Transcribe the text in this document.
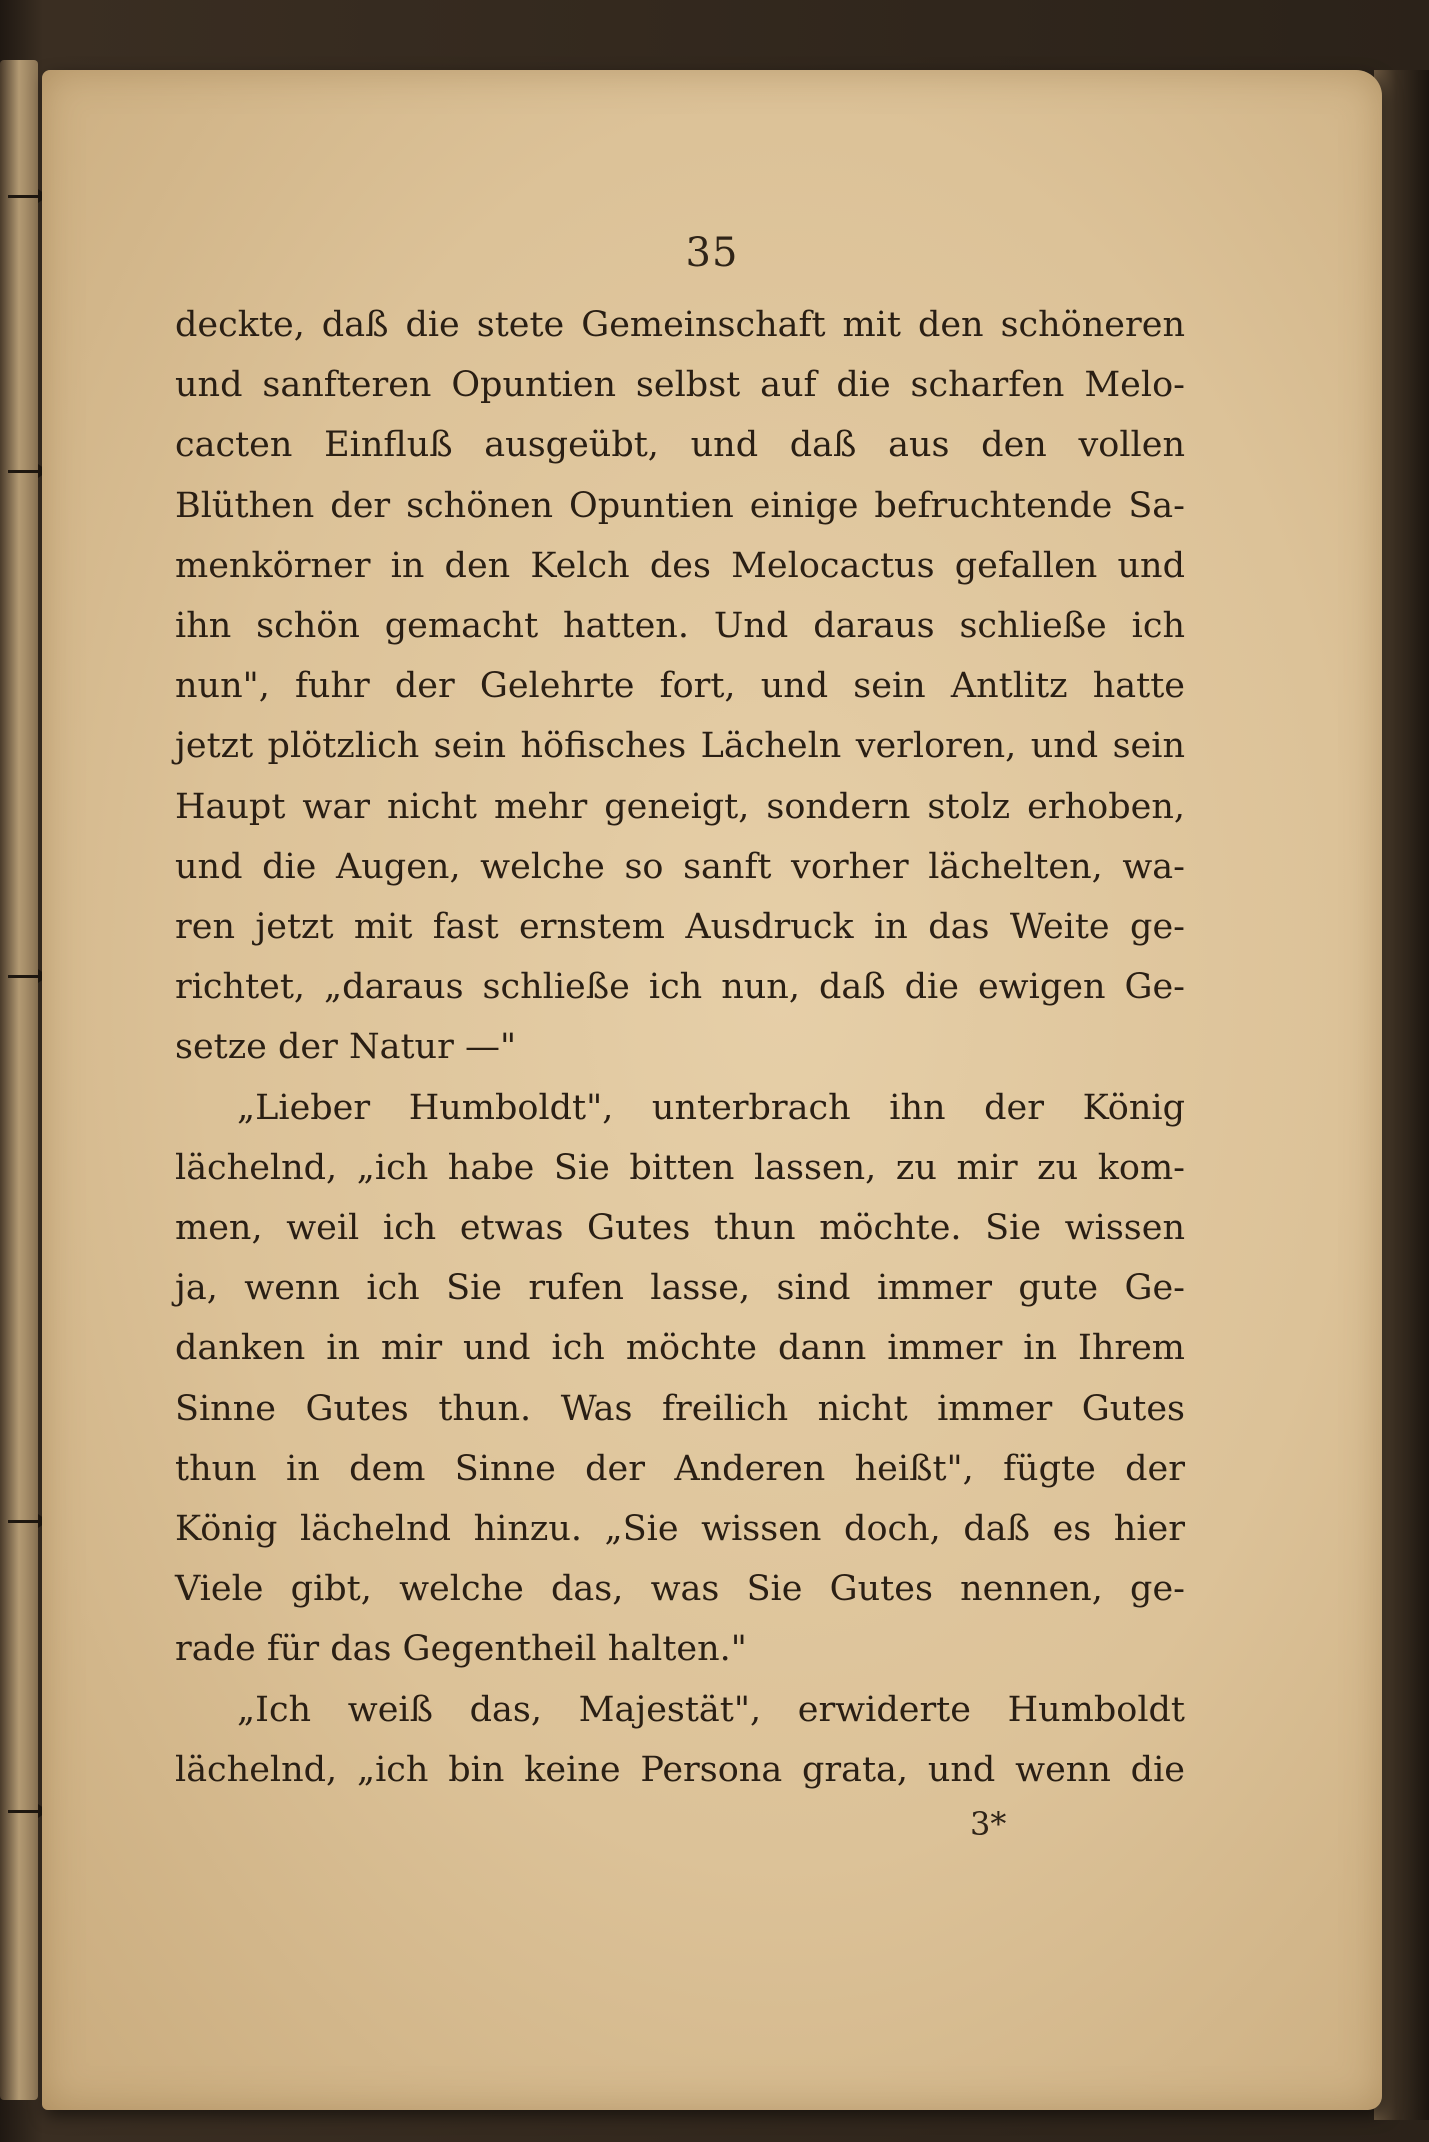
35
deckte, daß die stete Gemeinschaft mit den schöneren
und sanfteren Opuntien selbst auf die scharfen Melo-
cacten Einfluß ausgeübt, und daß aus den vollen
Blüthen der schönen Opuntien einige befruchtende Sa-
menkörner in den Kelch des Melocactus gefallen und
ihn schön gemacht hatten. Und daraus schließe ich
nun", fuhr der Gelehrte fort, und sein Antlitz hatte
jetzt plötzlich sein höfisches Lächeln verloren, und sein
Haupt war nicht mehr geneigt, sondern stolz erhoben,
und die Augen, welche so sanft vorher lächelten, wa-
ren jetzt mit fast ernstem Ausdruck in das Weite ge-
richtet, „daraus schließe ich nun, daß die ewigen Ge-
setze der Natur —"
„Lieber Humboldt", unterbrach ihn der König
lächelnd, „ich habe Sie bitten lassen, zu mir zu kom-
men, weil ich etwas Gutes thun möchte. Sie wissen
ja, wenn ich Sie rufen lasse, sind immer gute Ge-
danken in mir und ich möchte dann immer in Ihrem
Sinne Gutes thun. Was freilich nicht immer Gutes
thun in dem Sinne der Anderen heißt", fügte der
König lächelnd hinzu. „Sie wissen doch, daß es hier
Viele gibt, welche das, was Sie Gutes nennen, ge-
rade für das Gegentheil halten."
„Ich weiß das, Majestät", erwiderte Humboldt
lächelnd, „ich bin keine Persona grata, und wenn die
3*
